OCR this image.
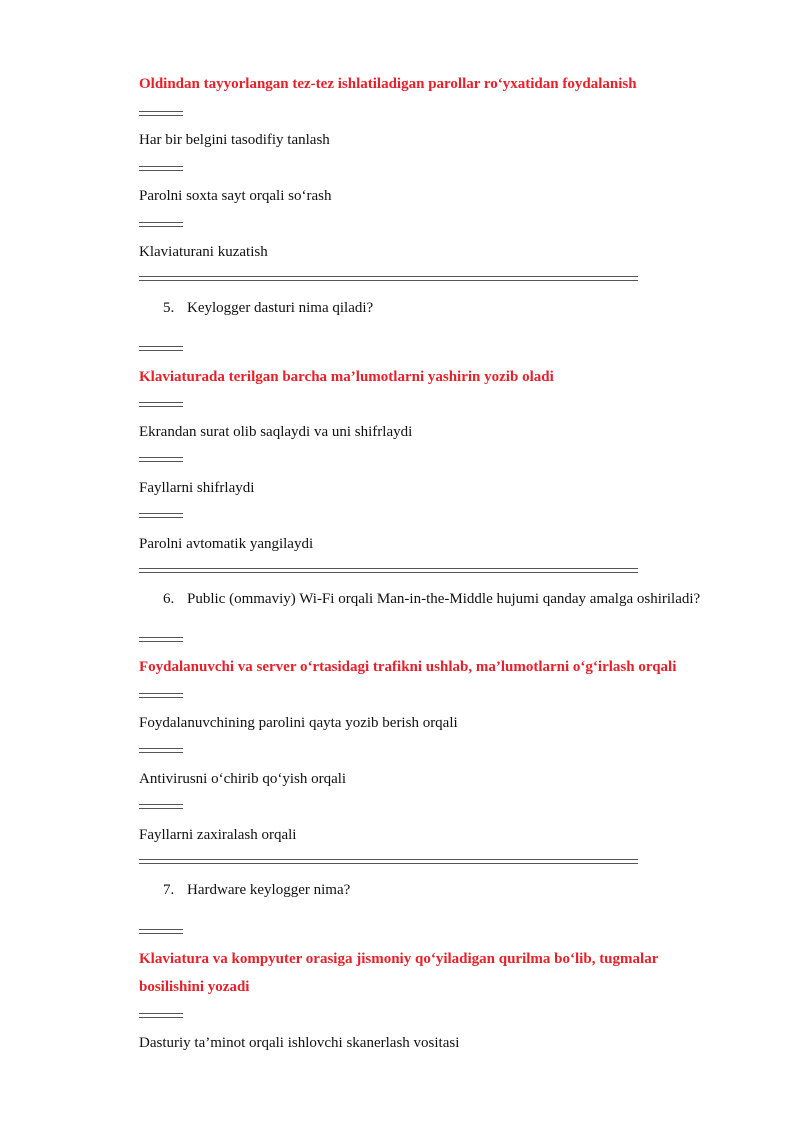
Oldindan tayyorlangan tez-tez ishlatiladigan parollar ro‘yxatidan foydalanish
Har bir belgini tasodifiy tanlash
Parolni soxta sayt orqali so‘rash
Klaviaturani kuzatish
5. Keylogger dasturi nima qiladi?
Klaviaturada terilgan barcha ma’lumotlarni yashirin yozib oladi
Ekrandan surat olib saqlaydi va uni shifrlaydi
Fayllarni shifrlaydi
Parolni avtomatik yangilaydi
6. Public (ommaviy) Wi-Fi orqali Man-in-the-Middle hujumi qanday amalga oshiriladi?
Foydalanuvchi va server o‘rtasidagi trafikni ushlab, ma’lumotlarni o‘g‘irlash orqali
Foydalanuvchining parolini qayta yozib berish orqali
Antivirusni o‘chirib qo‘yish orqali
Fayllarni zaxiralash orqali
7. Hardware keylogger nima?
Klaviatura va kompyuter orasiga jismoniy qo‘yiladigan qurilma bo‘lib, tugmalar
bosilishini yozadi
Dasturiy ta’minot orqali ishlovchi skanerlash vositasi
